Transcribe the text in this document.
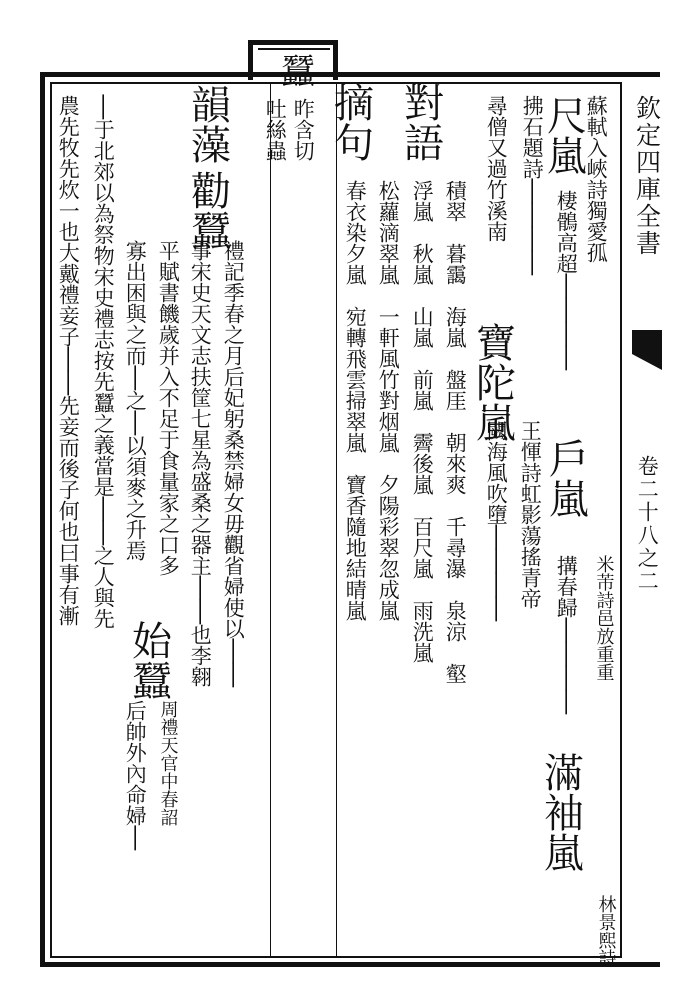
欽定四庫全書
卷二十八之二
蠶
尺嵐
蘇軾入峽詩獨愛孤
棲鶻高超││││
戶嵐
米芾詩邑放重重
搆春歸││││
滿袖嵐
林景熙詩
拂石題詩││││
尋僧又過竹溪南
寶陀嵐
王惲詩虹影蕩搖青帝
闕海風吹墮││││
對語
積翠　暮靄　海嵐　盤厓　朝來爽　千尋瀑　泉涼　壑
浮嵐　秋嵐　山嵐　前嵐　霽後嵐　百尺嵐　雨洗嵐
松蘿滴翠嵐　一軒風竹對烟嵐　夕陽彩翠忽成嵐
摘句
春衣染夕嵐　宛轉飛雲掃翠嵐　寶香隨地結晴嵐
昨含切
吐絲蟲
韻藻
勸蠶
禮記季春之月后妃躬桑禁婦女毋觀省婦使以││
事宋史天文志扶筐七星為盛桑之器主││也李翱
平賦書饑歲并入不足于食量家之口多
始蠶
周禮天官中春詔
寡出困與之而│之│以須麥之升焉
后帥外內命婦│
│于北郊以為祭物宋史禮志按先蠶之義當是││之人與先
農先牧先炊一也大戴禮妾子││先妾而後子何也曰事有漸
